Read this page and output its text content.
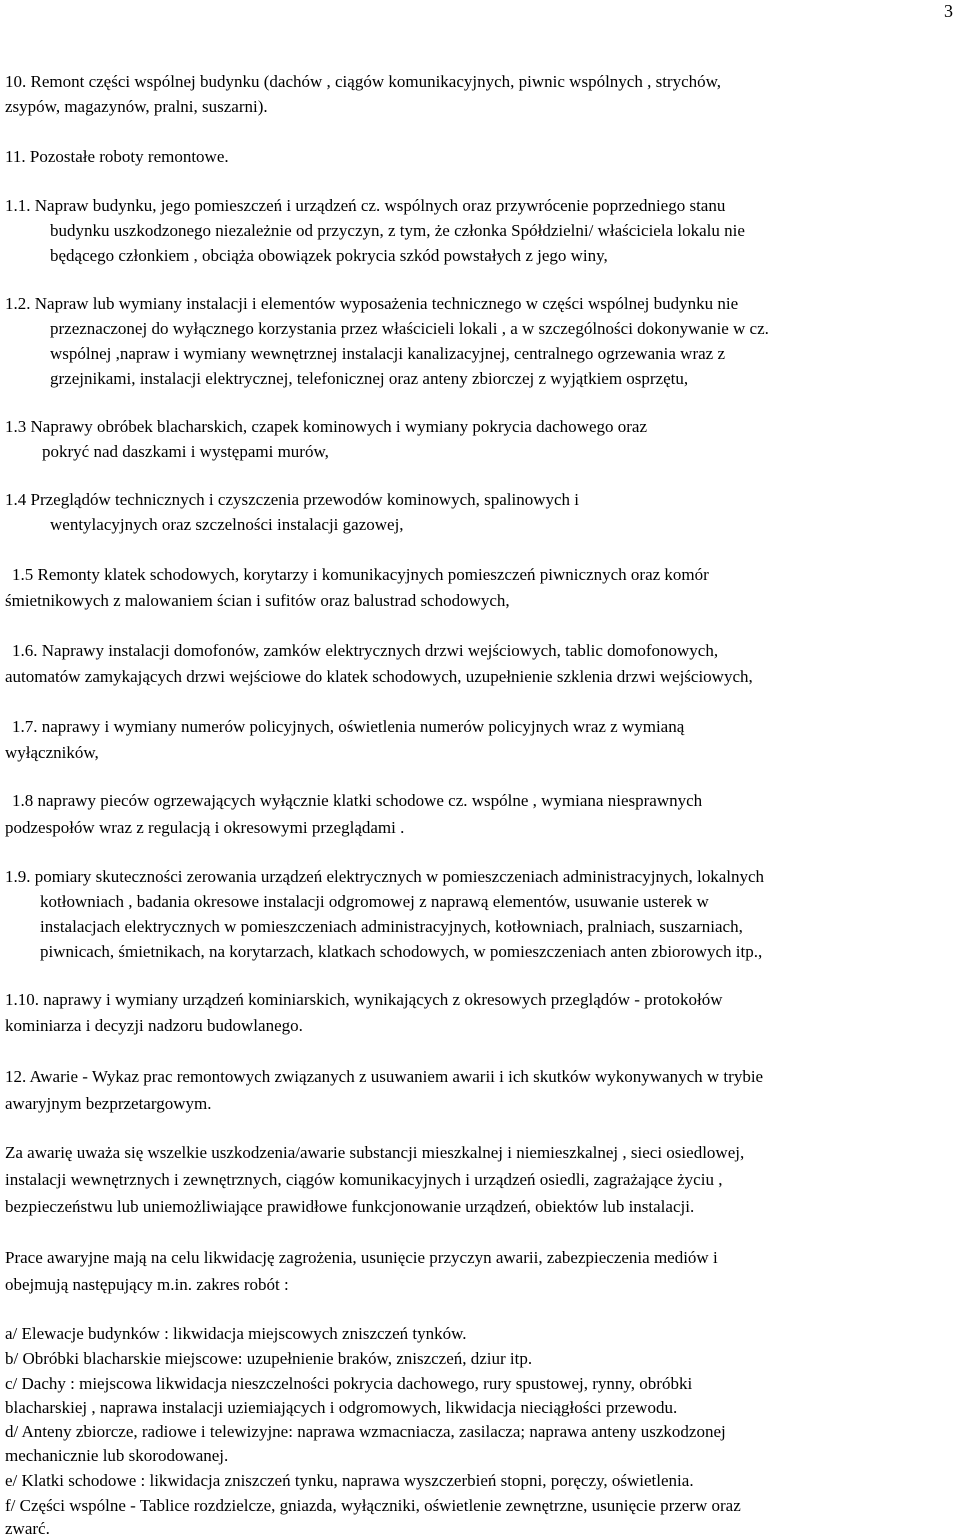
3
10. Remont części wspólnej budynku (dachów , ciągów komunikacyjnych, piwnic wspólnych , strychów,
zsypów, magazynów, pralni, suszarni).
11. Pozostałe roboty remontowe.
1.1. Napraw budynku, jego pomieszczeń i urządzeń cz. wspólnych oraz przywrócenie poprzedniego stanu
budynku uszkodzonego niezależnie od przyczyn, z tym, że członka Spółdzielni/ właściciela lokalu nie
będącego członkiem , obciąża obowiązek pokrycia szkód powstałych z jego winy,
1.2. Napraw lub wymiany instalacji i elementów wyposażenia technicznego w części wspólnej budynku nie
przeznaczonej do wyłącznego korzystania przez właścicieli lokali , a w szczególności dokonywanie w cz.
wspólnej ,napraw i wymiany wewnętrznej instalacji kanalizacyjnej, centralnego ogrzewania wraz z
grzejnikami, instalacji elektrycznej, telefonicznej oraz anteny zbiorczej z wyjątkiem osprzętu,
1.3 Naprawy obróbek blacharskich, czapek kominowych i wymiany pokrycia dachowego oraz
pokryć nad daszkami i występami murów,
1.4 Przeglądów technicznych i czyszczenia przewodów kominowych, spalinowych i
wentylacyjnych oraz szczelności instalacji gazowej,
1.5 Remonty klatek schodowych, korytarzy i komunikacyjnych pomieszczeń piwnicznych oraz komór
śmietnikowych z malowaniem ścian i sufitów oraz balustrad schodowych,
1.6. Naprawy instalacji domofonów, zamków elektrycznych drzwi wejściowych, tablic domofonowych,
automatów zamykających drzwi wejściowe do klatek schodowych, uzupełnienie szklenia drzwi wejściowych,
1.7. naprawy i wymiany numerów policyjnych, oświetlenia numerów policyjnych wraz z wymianą
wyłączników,
1.8 naprawy pieców ogrzewających wyłącznie klatki schodowe cz. wspólne , wymiana niesprawnych
podzespołów wraz z regulacją i okresowymi przeglądami .
1.9. pomiary skuteczności zerowania urządzeń elektrycznych w pomieszczeniach administracyjnych, lokalnych
kotłowniach , badania okresowe instalacji odgromowej z naprawą elementów, usuwanie usterek w
instalacjach elektrycznych w pomieszczeniach administracyjnych, kotłowniach, pralniach, suszarniach,
piwnicach, śmietnikach, na korytarzach, klatkach schodowych, w pomieszczeniach anten zbiorowych itp.,
1.10. naprawy i wymiany urządzeń kominiarskich, wynikających z okresowych przeglądów - protokołów
kominiarza i decyzji nadzoru budowlanego.
12. Awarie - Wykaz prac remontowych związanych z usuwaniem awarii i ich skutków wykonywanych w trybie
awaryjnym bezprzetargowym.
Za awarię uważa się wszelkie uszkodzenia/awarie substancji mieszkalnej i niemieszkalnej , sieci osiedlowej,
instalacji wewnętrznych i zewnętrznych, ciągów komunikacyjnych i urządzeń osiedli, zagrażające życiu ,
bezpieczeństwu lub uniemożliwiające prawidłowe funkcjonowanie urządzeń, obiektów lub instalacji.
Prace awaryjne mają na celu likwidację zagrożenia, usunięcie przyczyn awarii, zabezpieczenia mediów i
obejmują następujący m.in. zakres robót :
a/ Elewacje budynków : likwidacja miejscowych zniszczeń tynków.
b/ Obróbki blacharskie miejscowe: uzupełnienie braków, zniszczeń, dziur itp.
c/ Dachy : miejscowa likwidacja nieszczelności pokrycia dachowego, rury spustowej, rynny, obróbki
blacharskiej , naprawa instalacji uziemiających i odgromowych, likwidacja nieciągłości przewodu.
d/ Anteny zbiorcze, radiowe i telewizyjne: naprawa wzmacniacza, zasilacza; naprawa anteny uszkodzonej
mechanicznie lub skorodowanej.
e/ Klatki schodowe : likwidacja zniszczeń tynku, naprawa wyszczerbień stopni, poręczy, oświetlenia.
f/ Części wspólne - Tablice rozdzielcze, gniazda, wyłączniki, oświetlenie zewnętrzne, usunięcie przerw oraz
zwarć.
